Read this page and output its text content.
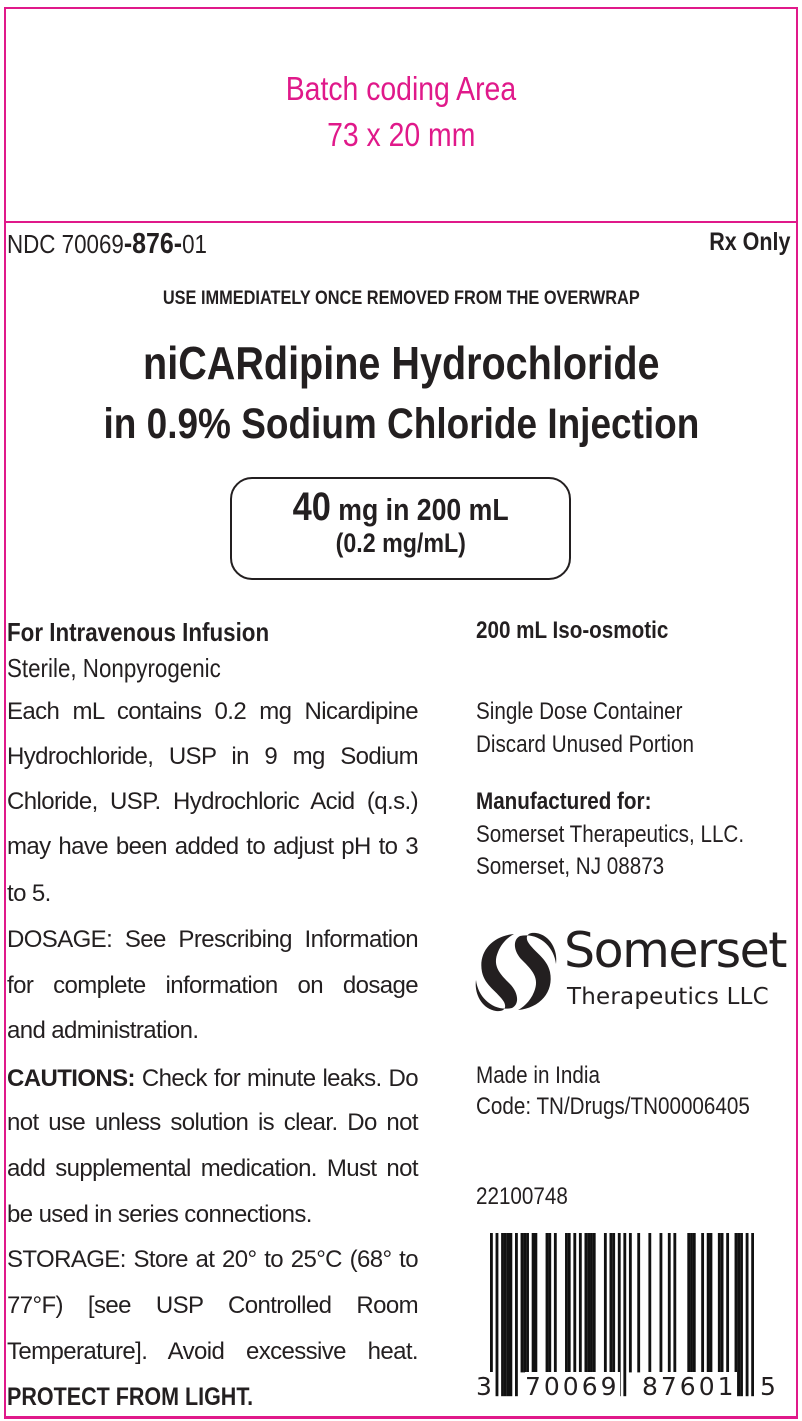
Batch coding Area
73 x 20 mm
NDC 70069-876-01	Rx Only
USE IMMEDIATELY ONCE REMOVED FROM THE OVERWRAP
niCARdipine Hydrochloride
in 0.9% Sodium Chloride Injection
40 mg in 200 mL
(0.2 mg/mL)
For Intravenous Infusion
Sterile, Nonpyrogenic
Each mL contains 0.2 mg Nicardipine
Hydrochloride, USP in 9 mg Sodium
Chloride, USP. Hydrochloric Acid (q.s.)
may have been added to adjust pH to 3
to 5.
DOSAGE: See Prescribing Information
for complete information on dosage
and administration.
CAUTIONS: Check for minute leaks. Do
not use unless solution is clear. Do not
add supplemental medication. Must not
be used in series connections.
STORAGE: Store at 20° to 25°C (68° to
77°F) [see USP Controlled Room
Temperature]. Avoid excessive heat.
PROTECT FROM LIGHT.
200 mL Iso-osmotic
Single Dose Container
Discard Unused Portion
Manufactured for:
Somerset Therapeutics, LLC.
Somerset, NJ 08873
Somerset
Therapeutics LLC
Made in India
Code: TN/Drugs/TN00006405
22100748
3 70069 87601 5
